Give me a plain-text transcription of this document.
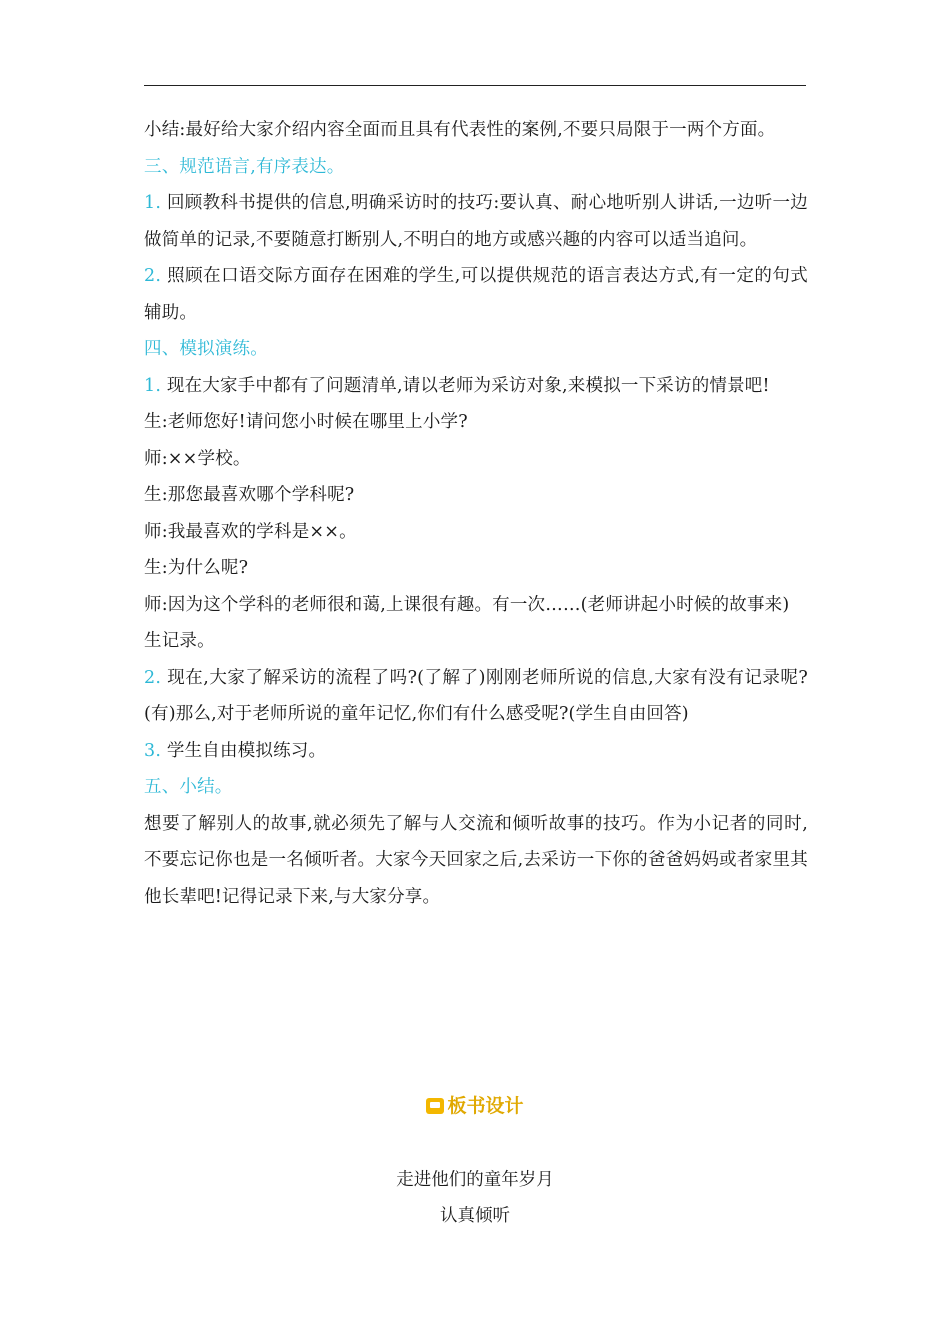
小结:最好给大家介绍内容全面而且具有代表性的案例,不要只局限于一两个方面。

三、规范语言,有序表达。

1. 回顾教科书提供的信息,明确采访时的技巧:要认真、耐心地听别人讲话,一边听一边做简单的记录,不要随意打断别人,不明白的地方或感兴趣的内容可以适当追问。

2. 照顾在口语交际方面存在困难的学生,可以提供规范的语言表达方式,有一定的句式辅助。

四、模拟演练。

1. 现在大家手中都有了问题清单,请以老师为采访对象,来模拟一下采访的情景吧!

生:老师您好!请问您小时候在哪里上小学?

师:××学校。

生:那您最喜欢哪个学科呢?

师:我最喜欢的学科是××。

生:为什么呢?

师:因为这个学科的老师很和蔼,上课很有趣。有一次……(老师讲起小时候的故事来)

生记录。

2. 现在,大家了解采访的流程了吗?(了解了)刚刚老师所说的信息,大家有没有记录呢?(有)那么,对于老师所说的童年记忆,你们有什么感受呢?(学生自由回答)

3. 学生自由模拟练习。

五、小结。

想要了解别人的故事,就必须先了解与人交流和倾听故事的技巧。作为小记者的同时,不要忘记你也是一名倾听者。大家今天回家之后,去采访一下你的爸爸妈妈或者家里其他长辈吧!记得记录下来,与大家分享。

板书设计
走进他们的童年岁月
认真倾听
